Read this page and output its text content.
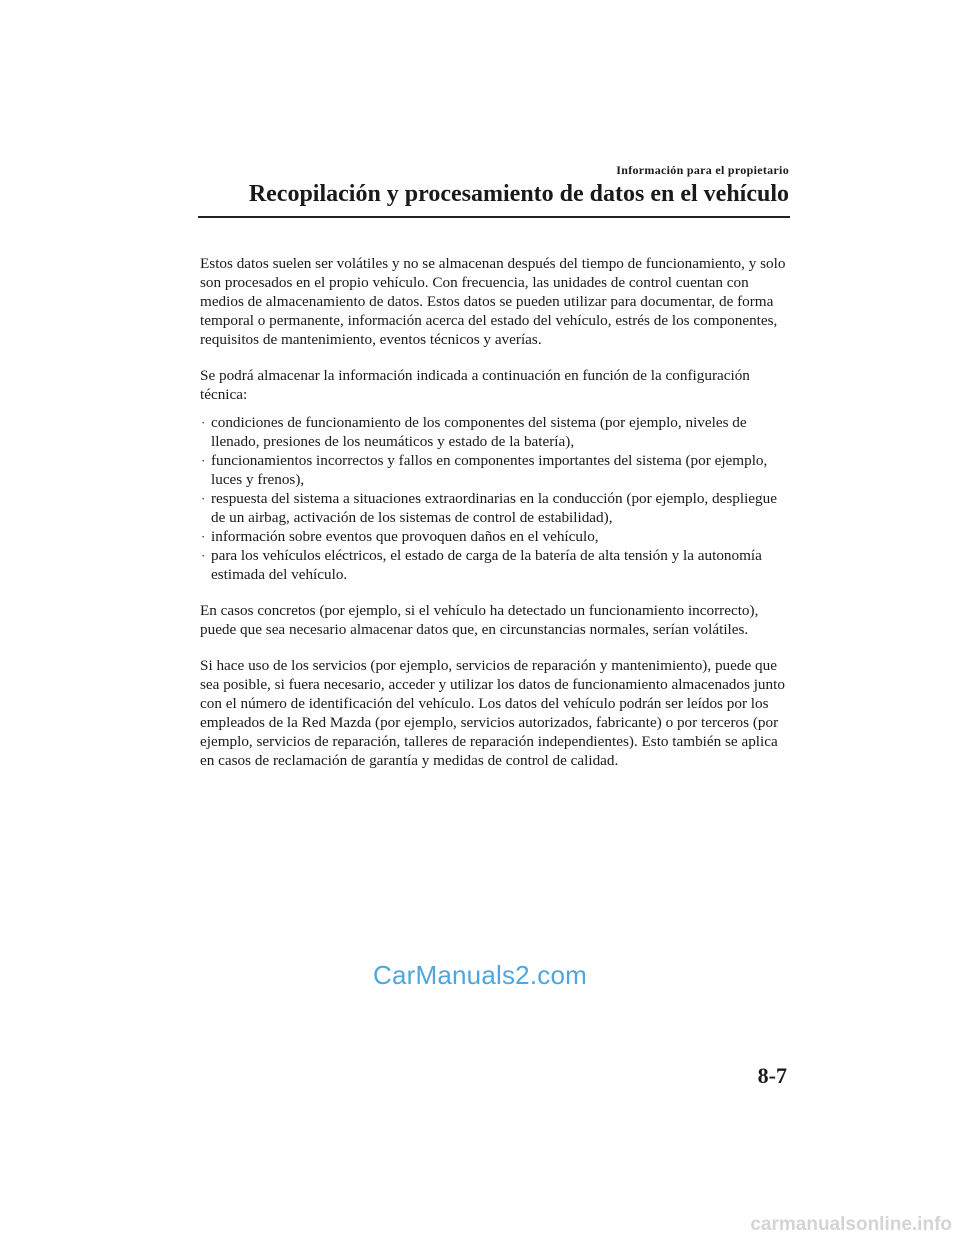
Información para el propietario
Recopilación y procesamiento de datos en el vehículo

Estos datos suelen ser volátiles y no se almacenan después del tiempo de funcionamiento, y solo son procesados en el propio vehículo. Con frecuencia, las unidades de control cuentan con medios de almacenamiento de datos. Estos datos se pueden utilizar para documentar, de forma temporal o permanente, información acerca del estado del vehículo, estrés de los componentes, requisitos de mantenimiento, eventos técnicos y averías.

Se podrá almacenar la información indicada a continuación en función de la configuración técnica:

· condiciones de funcionamiento de los componentes del sistema (por ejemplo, niveles de llenado, presiones de los neumáticos y estado de la batería),
· funcionamientos incorrectos y fallos en componentes importantes del sistema (por ejemplo, luces y frenos),
· respuesta del sistema a situaciones extraordinarias en la conducción (por ejemplo, despliegue de un airbag, activación de los sistemas de control de estabilidad),
· información sobre eventos que provoquen daños en el vehículo,
· para los vehículos eléctricos, el estado de carga de la batería de alta tensión y la autonomía estimada del vehículo.

En casos concretos (por ejemplo, si el vehículo ha detectado un funcionamiento incorrecto), puede que sea necesario almacenar datos que, en circunstancias normales, serían volátiles.

Si hace uso de los servicios (por ejemplo, servicios de reparación y mantenimiento), puede que sea posible, si fuera necesario, acceder y utilizar los datos de funcionamiento almacenados junto con el número de identificación del vehículo. Los datos del vehículo podrán ser leídos por los empleados de la Red Mazda (por ejemplo, servicios autorizados, fabricante) o por terceros (por ejemplo, servicios de reparación, talleres de reparación independientes). Esto también se aplica en casos de reclamación de garantía y medidas de control de calidad.

CarManuals2.com
8-7
carmanualsonline.info
